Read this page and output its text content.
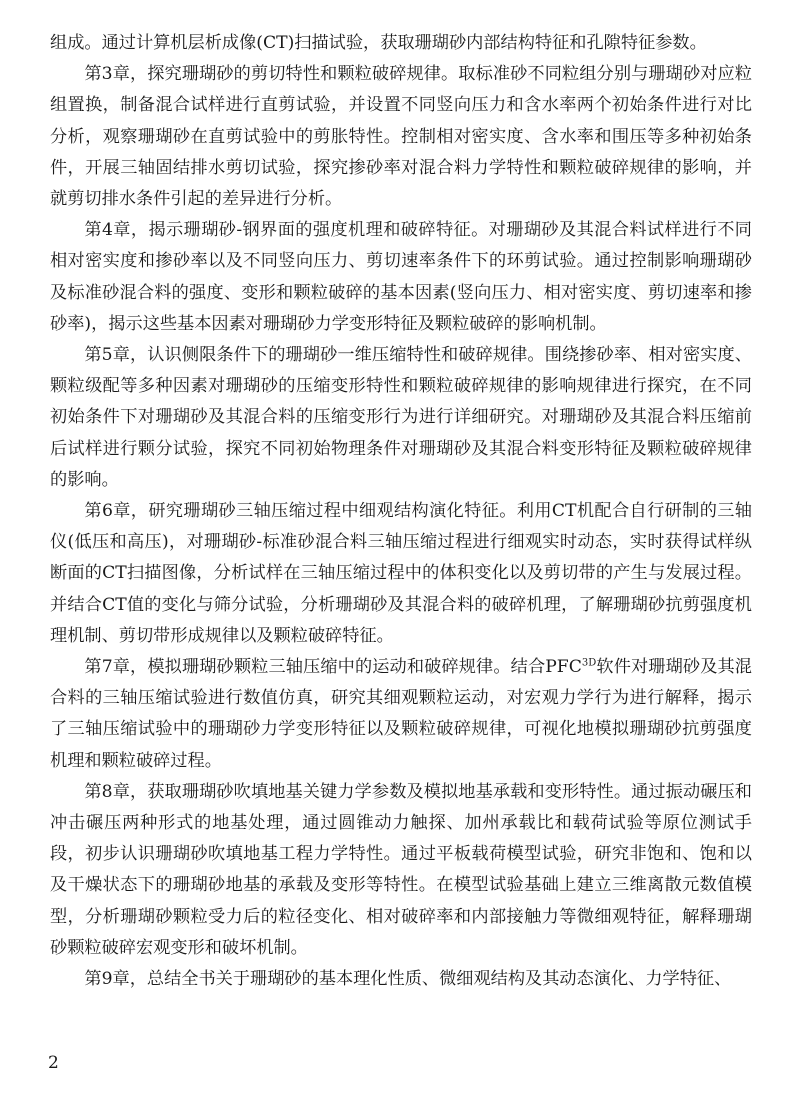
组成。通过计算机层析成像(CT)扫描试验，获取珊瑚砂内部结构特征和孔隙特征参数。

第3章，探究珊瑚砂的剪切特性和颗粒破碎规律。取标准砂不同粒组分别与珊瑚砂对应粒组置换，制备混合试样进行直剪试验，并设置不同竖向压力和含水率两个初始条件进行对比分析，观察珊瑚砂在直剪试验中的剪胀特性。控制相对密实度、含水率和围压等多种初始条件，开展三轴固结排水剪切试验，探究掺砂率对混合料力学特性和颗粒破碎规律的影响，并就剪切排水条件引起的差异进行分析。

第4章，揭示珊瑚砂-钢界面的强度机理和破碎特征。对珊瑚砂及其混合料试样进行不同相对密实度和掺砂率以及不同竖向压力、剪切速率条件下的环剪试验。通过控制影响珊瑚砂及标准砂混合料的强度、变形和颗粒破碎的基本因素(竖向压力、相对密实度、剪切速率和掺砂率)，揭示这些基本因素对珊瑚砂力学变形特征及颗粒破碎的影响机制。

第5章，认识侧限条件下的珊瑚砂一维压缩特性和破碎规律。围绕掺砂率、相对密实度、颗粒级配等多种因素对珊瑚砂的压缩变形特性和颗粒破碎规律的影响规律进行探究，在不同初始条件下对珊瑚砂及其混合料的压缩变形行为进行详细研究。对珊瑚砂及其混合料压缩前后试样进行颗分试验，探究不同初始物理条件对珊瑚砂及其混合料变形特征及颗粒破碎规律的影响。

第6章，研究珊瑚砂三轴压缩过程中细观结构演化特征。利用CT机配合自行研制的三轴仪(低压和高压)，对珊瑚砂-标准砂混合料三轴压缩过程进行细观实时动态，实时获得试样纵断面的CT扫描图像，分析试样在三轴压缩过程中的体积变化以及剪切带的产生与发展过程。并结合CT值的变化与筛分试验，分析珊瑚砂及其混合料的破碎机理，了解珊瑚砂抗剪强度机理机制、剪切带形成规律以及颗粒破碎特征。

第7章，模拟珊瑚砂颗粒三轴压缩中的运动和破碎规律。结合$PFC^{3D}$软件对珊瑚砂及其混合料的三轴压缩试验进行数值仿真，研究其细观颗粒运动，对宏观力学行为进行解释，揭示了三轴压缩试验中的珊瑚砂力学变形特征以及颗粒破碎规律，可视化地模拟珊瑚砂抗剪强度机理和颗粒破碎过程。

第8章，获取珊瑚砂吹填地基关键力学参数及模拟地基承载和变形特性。通过振动碾压和冲击碾压两种形式的地基处理，通过圆锥动力触探、加州承载比和载荷试验等原位测试手段，初步认识珊瑚砂吹填地基工程力学特性。通过平板载荷模型试验，研究非饱和、饱和以及干燥状态下的珊瑚砂地基的承载及变形等特性。在模型试验基础上建立三维离散元数值模型，分析珊瑚砂颗粒受力后的粒径变化、相对破碎率和内部接触力等微细观特征，解释珊瑚砂颗粒破碎宏观变形和破坏机制。

第9章，总结全书关于珊瑚砂的基本理化性质、微细观结构及其动态演化、力学特征、

2
